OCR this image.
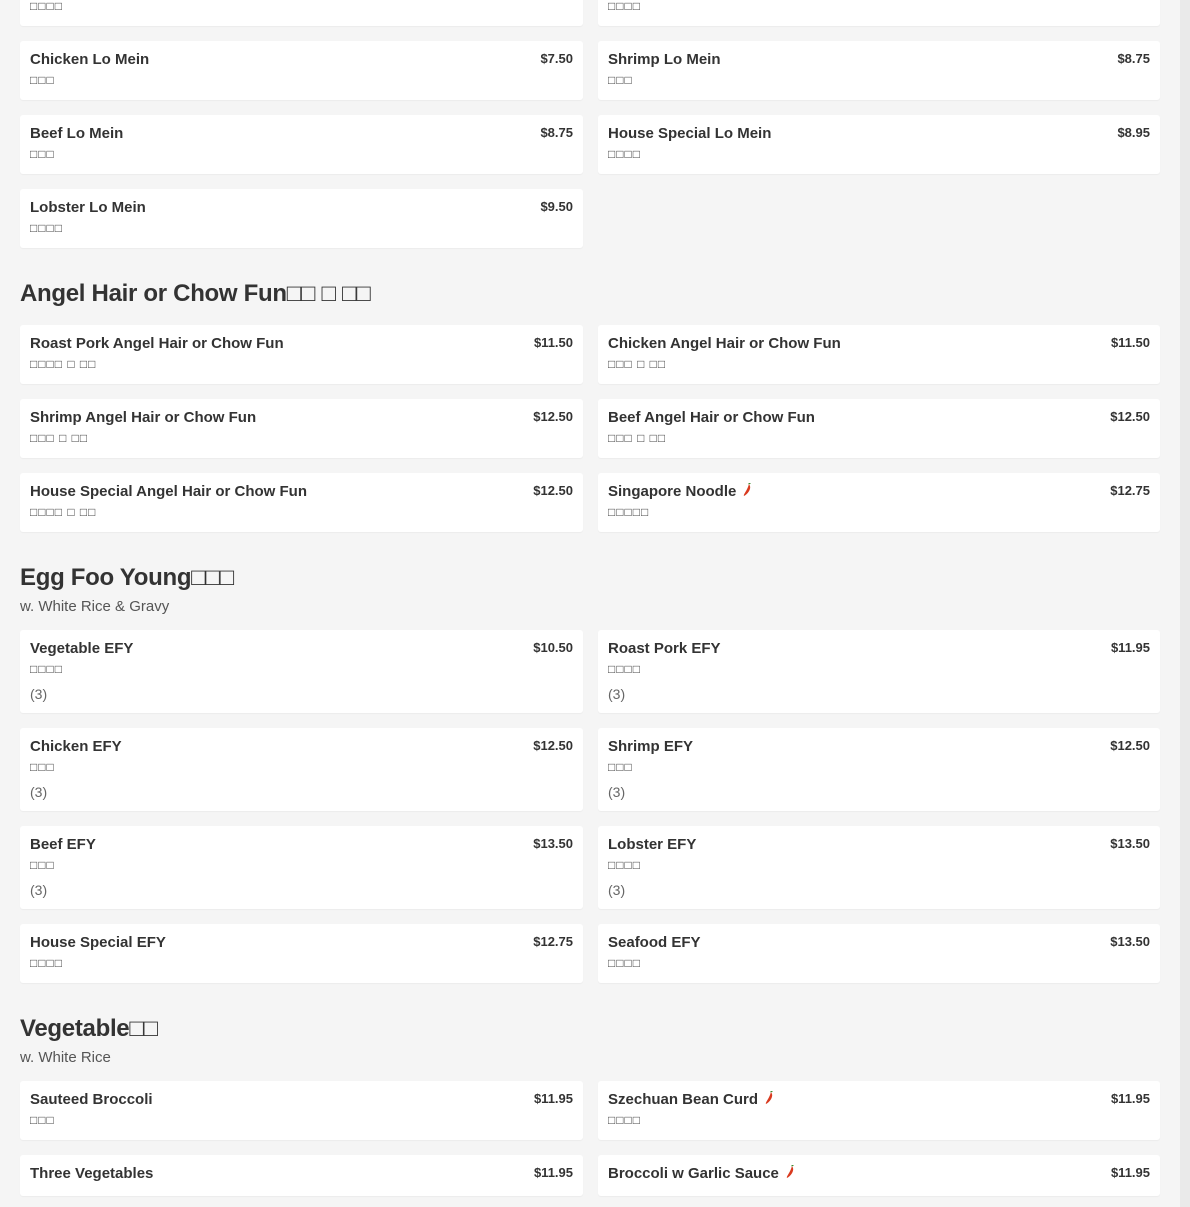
□□□□	□□□□
Chicken Lo Mein	$7.50
□□□
Shrimp Lo Mein	$8.75
□□□
Beef Lo Mein	$8.75
□□□
House Special Lo Mein	$8.95
□□□□
Lobster Lo Mein	$9.50
□□□□
Angel Hair or Chow Fun□□ □ □□
Roast Pork Angel Hair or Chow Fun	$11.50
□□□□ □ □□
Chicken Angel Hair or Chow Fun	$11.50
□□□ □ □□
Shrimp Angel Hair or Chow Fun	$12.50
□□□ □ □□
Beef Angel Hair or Chow Fun	$12.50
□□□ □ □□
House Special Angel Hair or Chow Fun	$12.50
□□□□ □ □□
Singapore Noodle	$12.75
□□□□□
Egg Foo Young□□□
w. White Rice & Gravy
Vegetable EFY	$10.50
□□□□
(3)
Roast Pork EFY	$11.95
□□□□
(3)
Chicken EFY	$12.50
□□□
(3)
Shrimp EFY	$12.50
□□□
(3)
Beef EFY	$13.50
□□□
(3)
Lobster EFY	$13.50
□□□□
(3)
House Special EFY	$12.75
□□□□
Seafood EFY	$13.50
□□□□
Vegetable□□
w. White Rice
Sauteed Broccoli	$11.95
□□□
Szechuan Bean Curd	$11.95
□□□□
Three Vegetables	$11.95 Broccoli w Garlic Sauce	$11.95
